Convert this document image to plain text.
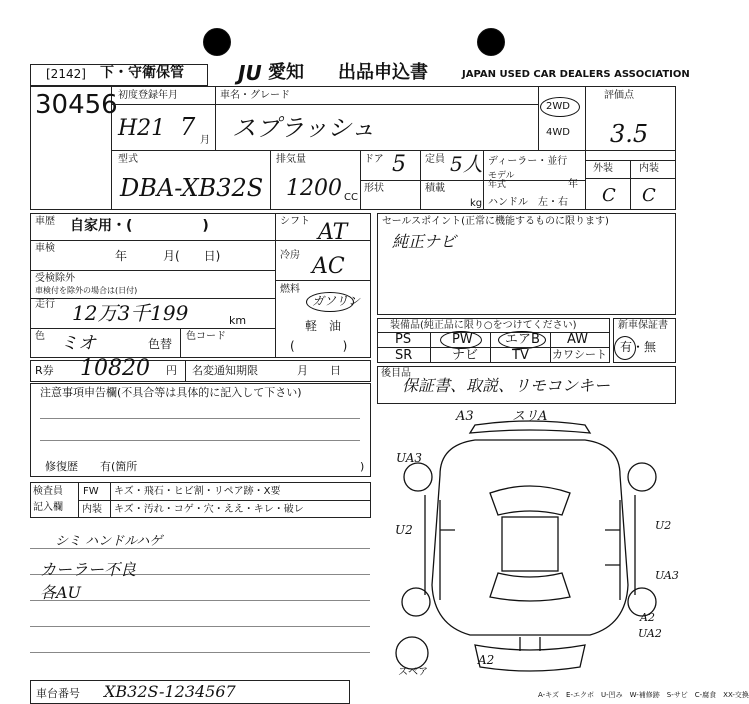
[2142] 下・守衛保管	JU 愛知 出品申込書	JAPAN USED CAR DEALERS ASSOCIATION
30456 初度登録年月	車名・グレード
H21 7 月 スプラッシュ
2WD
4WD
評価点
3.5
外装	内装
C C
型式
DBA-XB32S
排気量
1200 CC
ドア 5 定員 5人 ディーラー・並行
形状	積載
kg
モデル
年式	年
ハンドル　左・右
車歴 自家用・(　　　　　)	シフト AT
車検
年　　　月(　　日)	冷房 AC
受検除外
車検付を除外の場合は(日付)	燃料
ガソリン
軽　油
(　　　　)
走行 12万3千199	km
色 ミオ	色替
色コード
セールスポイント(正常に機能するものに限ります)
純正ナビ
装備品(純正品に限り○をつけてください)
PS	PW エアB AW
SR	ナビ	TV カワシート
新車保証書
有・無
R券 10820 円 名変通知期限	月　　日	後目品
保証書、取説、リモコンキー
注意事項申告欄(不具合等は具体的に記入して下さい)
修復歴　　有(箇所	)
検査員
記入欄
FW キズ・飛石・ヒビ割・リペア跡・X要
内装 キズ・汚れ・コゲ・穴・ええ・キレ・破レ
シミ ハンドルハゲ
カーラー不良
各AU
車台番号 XB32S-1234567	A-キズ　E-エクボ　U-凹み　W-補修跡　S-サビ　C-腐食　XX-交換
スペア
A3	スリA
UA3
U2	U2
UA3
A2
UA2
A2
